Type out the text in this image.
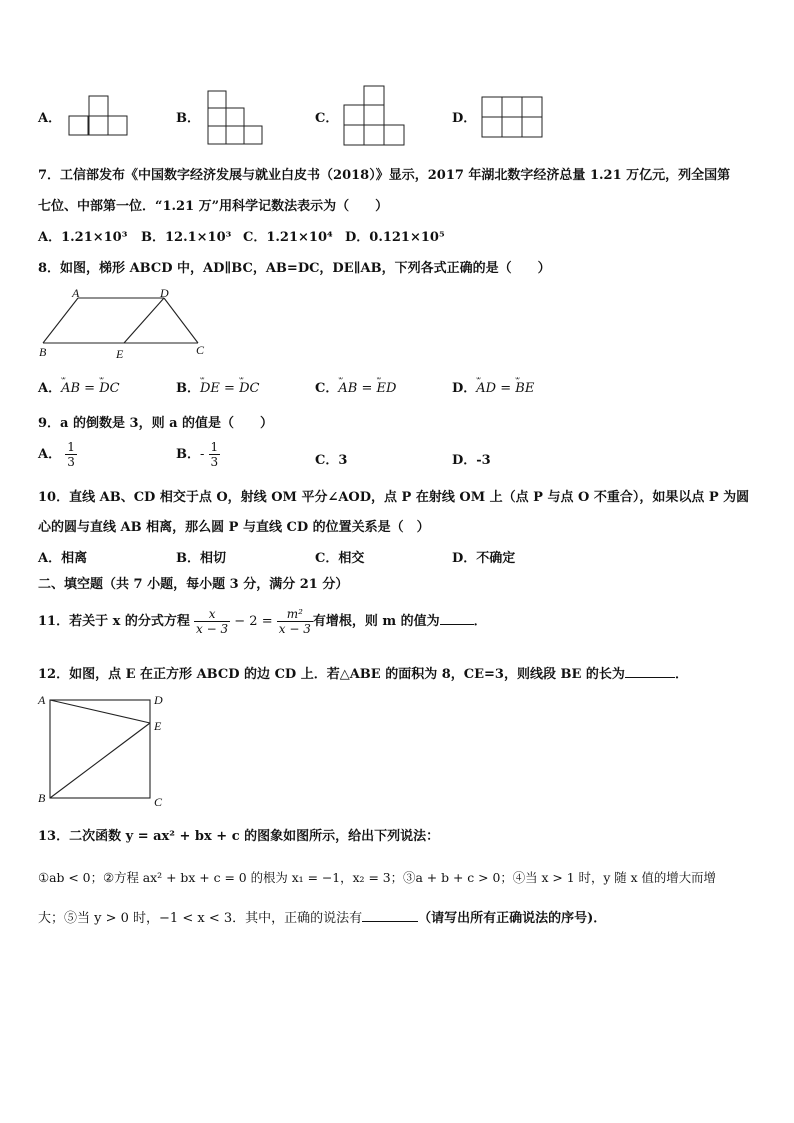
A．	B．	C．	D．
7．工信部发布《中国数字经济发展与就业白皮书（2018）》显示，2017 年湖北数字经济总量 1.21 万亿元，列全国第
七位、中部第一位．“1.21 万”用科学记数法表示为（　　）
A．1.21×10³ B．12.1×10³ C．1.21×10⁴ D．0.121×10⁵
8．如图，梯形 ABCD 中，AD∥BC，AB=DC，DE∥AB，下列各式正确的是（　　）
A	D
B	E	C
A．ᐡᐡ AB = ᐡᐡ DC	B．ᐡᐡ DE = ᐡᐡ DC	C．ᐡᐡ AB = ᐡᐡ ED	D．ᐡᐡ AD = ᐡᐡ BE
9．a 的倒数是 3，则 a 的值是（　　）
A． $\frac{1}{3}$	B．- $\frac{1}{3}$	C．3	D．-3
10．直线 AB、CD 相交于点 O，射线 OM 平分∠AOD，点 P 在射线 OM 上（点 P 与点 O 不重合），如果以点 P 为圆
心的圆与直线 AB 相离，那么圆 P 与直线 CD 的位置关系是（　）
A．相离	B．相切	C．相交	D．不确定
二、填空题（共 7 小题，每小题 3 分，满分 21 分）
11．若关于 x 的分式方程 $\frac{x}{x - 3} - 2 = \frac{\text{m²}}{x - 3}$ 有增根，则 m 的值为	．
12．如图，点 E 在正方形 ABCD 的边 CD 上．若△ABE 的面积为 8，CE=3，则线段 BE 的长为	．
A	D
E
B	C
13．二次函数 y = ax² + bx + c 的图象如图所示，给出下列说法：
①ab < 0；②方程 ax² + bx + c = 0 的根为 x₁ = −1，x₂ = 3；③a + b + c > 0；④当 x > 1 时，y 随 x 值的增大而增
大；⑤当 y > 0 时，−1 < x < 3．其中，正确的说法有	（请写出所有正确说法的序号)．
